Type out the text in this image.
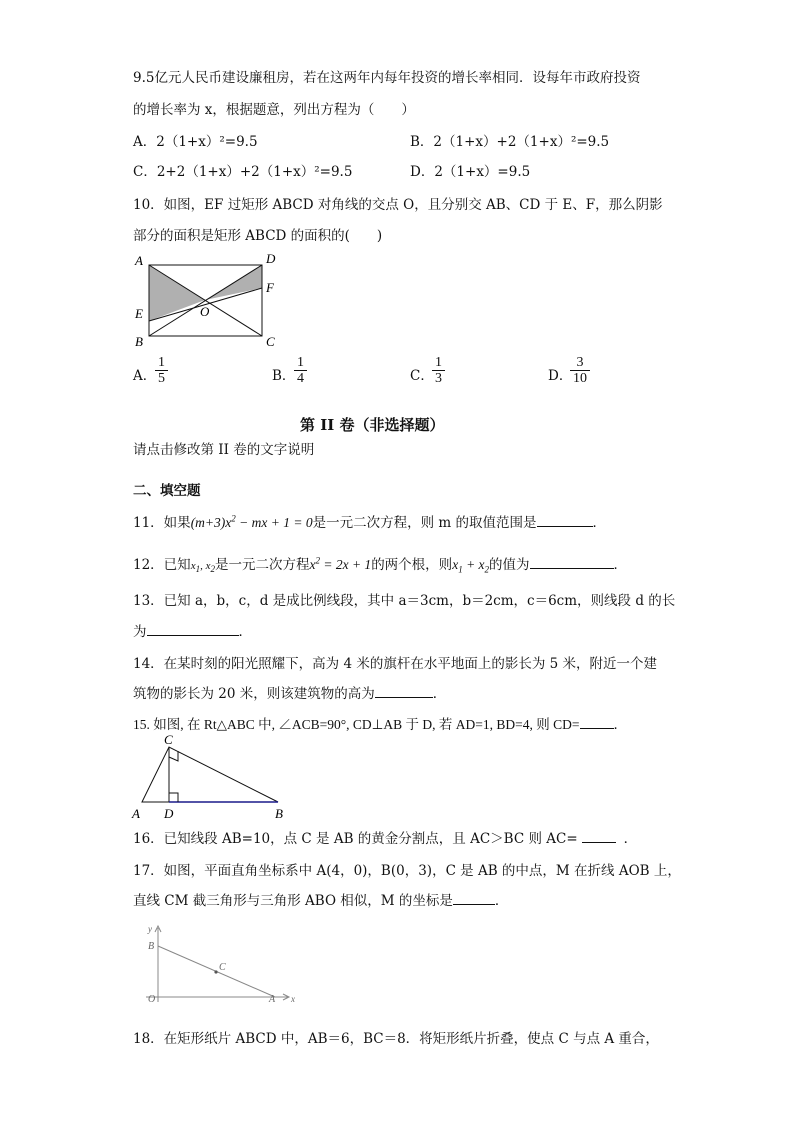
9.5亿元人民币建设廉租房，若在这两年内每年投资的增长率相同．设每年市政府投资
的增长率为 x，根据题意，列出方程为（　　）
A．2（1+x）²=9.5	B．2（1+x）+2（1+x）²=9.5
C．2+2（1+x）+2（1+x）²=9.5	D．2（1+x）=9.5
10．如图，EF 过矩形 ABCD 对角线的交点 O，且分别交 AB、CD 于 E、F，那么阴影
部分的面积是矩形 ABCD 的面积的(　　)
A	D
F
O
E
B	C
A．
1
5	B．
1
4	C．
1
3	D．
3
10
第 II 卷（非选择题）
请点击修改第 II 卷的文字说明
二、填空题
11．如果$(m+3)x^2$ − mx + 1 = 0是一元二次方程，则 m 的取值范围是	．
12．已知$x_1$, $x_2$是一元二次方程$x^2 = 2x + 1$的两个根，则$x_1 + x_2$的值为	．
13．已知 a，b，c，d 是成比例线段，其中 a＝3cm，b＝2cm，c＝6cm，则线段 d 的长
为	．
14．在某时刻的阳光照耀下，高为 4 米的旗杆在水平地面上的影长为 5 米，附近一个建
筑物的影长为 20 米，则该建筑物的高为	．
15. 如图, 在 Rt△ABC 中, ∠ACB=90°, CD⊥AB 于 D, 若 AD=1, BD=4, 则 CD=	．
C
A D	B
16．已知线段 AB=10，点 C 是 AB 的黄金分割点，且 AC＞BC 则 AC=	．
17．如图，平面直角坐标系中 A(4，0)，B(0，3)，C 是 AB 的中点，M 在折线 AOB 上，
直线 CM 截三角形与三角形 ABO 相似，M 的坐标是	．
y
B
C
O	A x
18．在矩形纸片 ABCD 中，AB＝6，BC＝8．将矩形纸片折叠，使点 C 与点 A 重合，
